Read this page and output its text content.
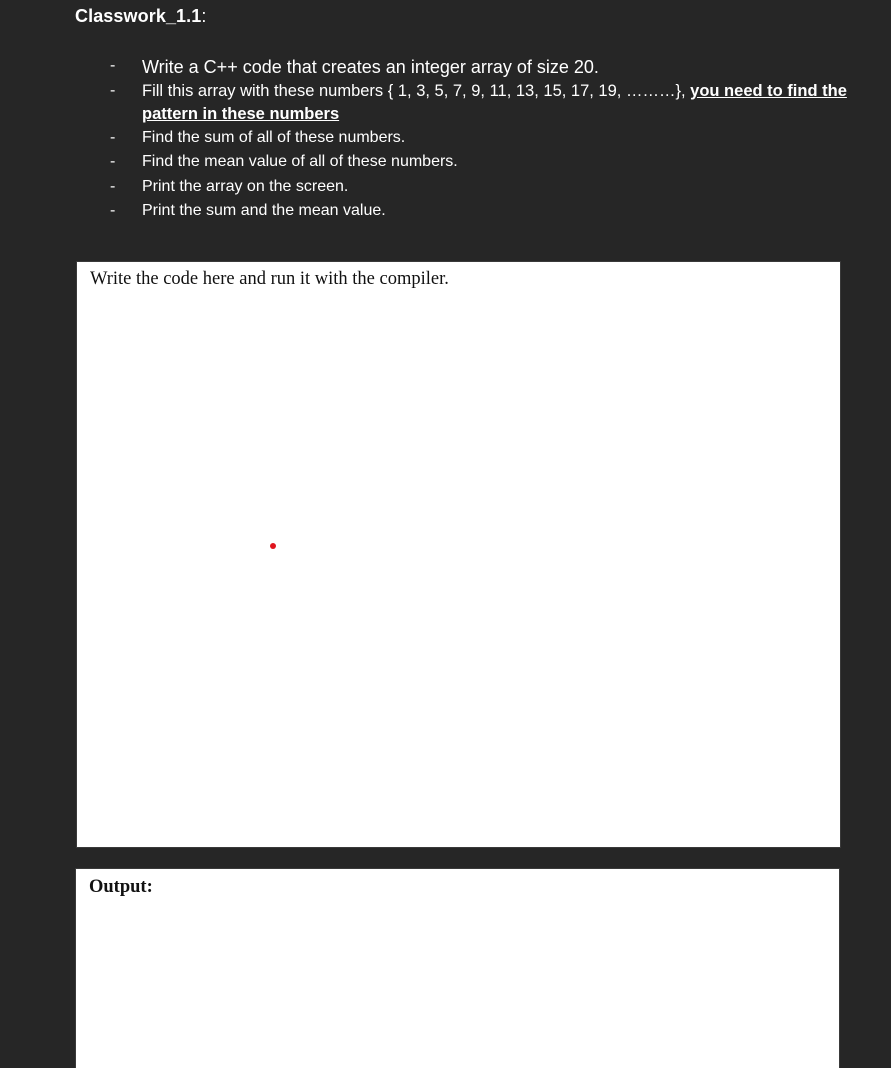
Classwork_1.1:
- Write a C++ code that creates an integer array of size 20.
- Fill this array with these numbers { 1, 3, 5, 7, 9, 11, 13, 15, 17, 19, ………}, you need to find the
pattern in these numbers
- Find the sum of all of these numbers.
- Find the mean value of all of these numbers.
- Print the array on the screen.
- Print the sum and the mean value.
Write the code here and run it with the compiler.
Output:
